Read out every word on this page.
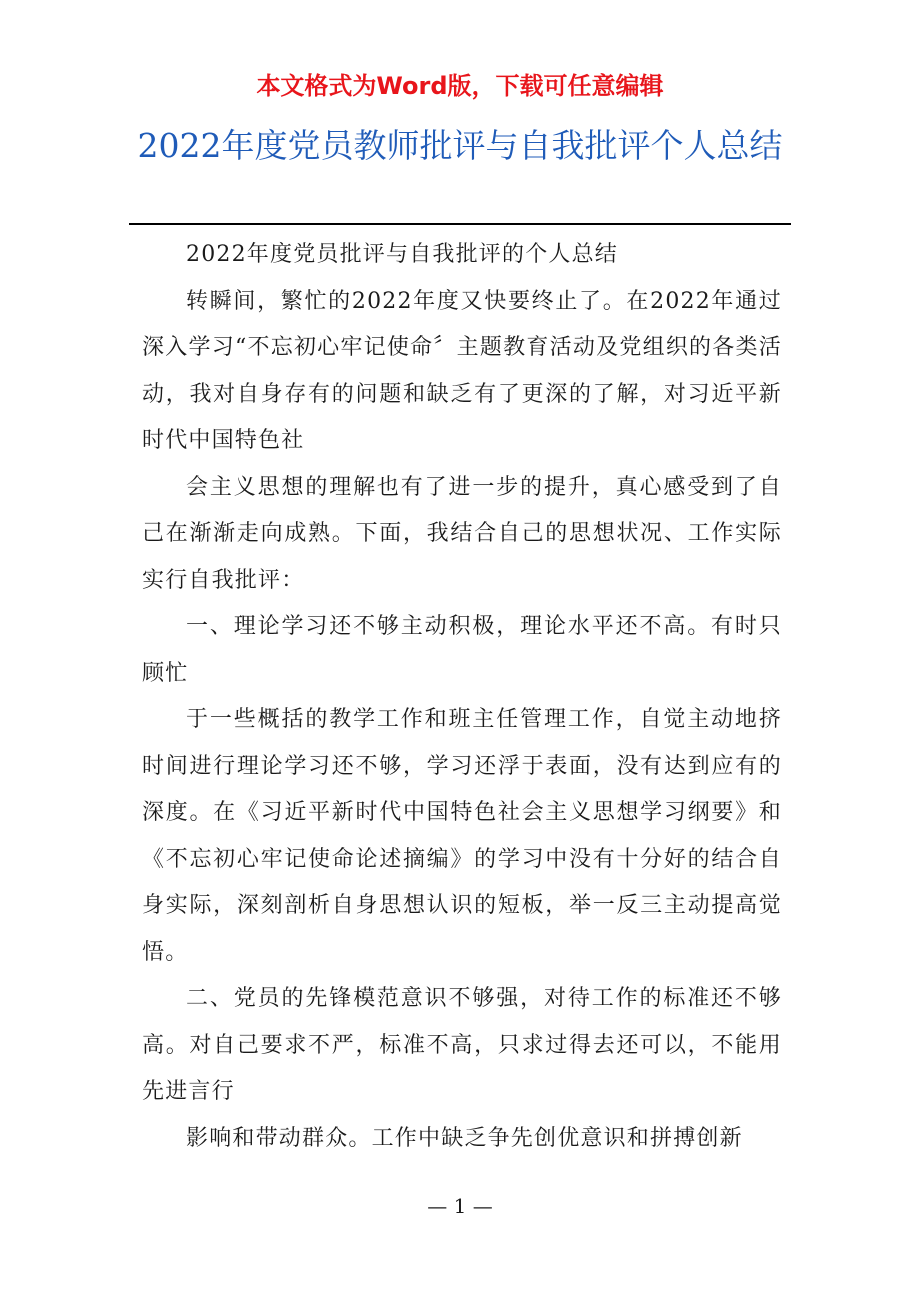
本文格式为Word版，下载可任意编辑
2022年度党员教师批评与自我批评个人总结

2022年度党员批评与自我批评的个人总结

转瞬间，繁忙的2022年度又快要终止了。在2022年通过深入学习“不忘初心牢记使命〞主题教育活动及党组织的各类活动，我对自身存有的问题和缺乏有了更深的了解，对习近平新时代中国特色社

会主义思想的理解也有了进一步的提升，真心感受到了自己在渐渐走向成熟。下面，我结合自己的思想状况、工作实际实行自我批评：

一、理论学习还不够主动积极，理论水平还不高。有时只顾忙

于一些概括的教学工作和班主任管理工作，自觉主动地挤时间进行理论学习还不够，学习还浮于表面，没有达到应有的深度。在《习近平新时代中国特色社会主义思想学习纲要》和《不忘初心牢记使命论述摘编》的学习中没有十分好的结合自身实际，深刻剖析自身思想认识的短板，举一反三主动提高觉悟。

二、党员的先锋模范意识不够强，对待工作的标准还不够高。对自己要求不严，标准不高，只求过得去还可以，不能用先进言行

影响和带动群众。工作中缺乏争先创优意识和拼搏创新

— 1 —
